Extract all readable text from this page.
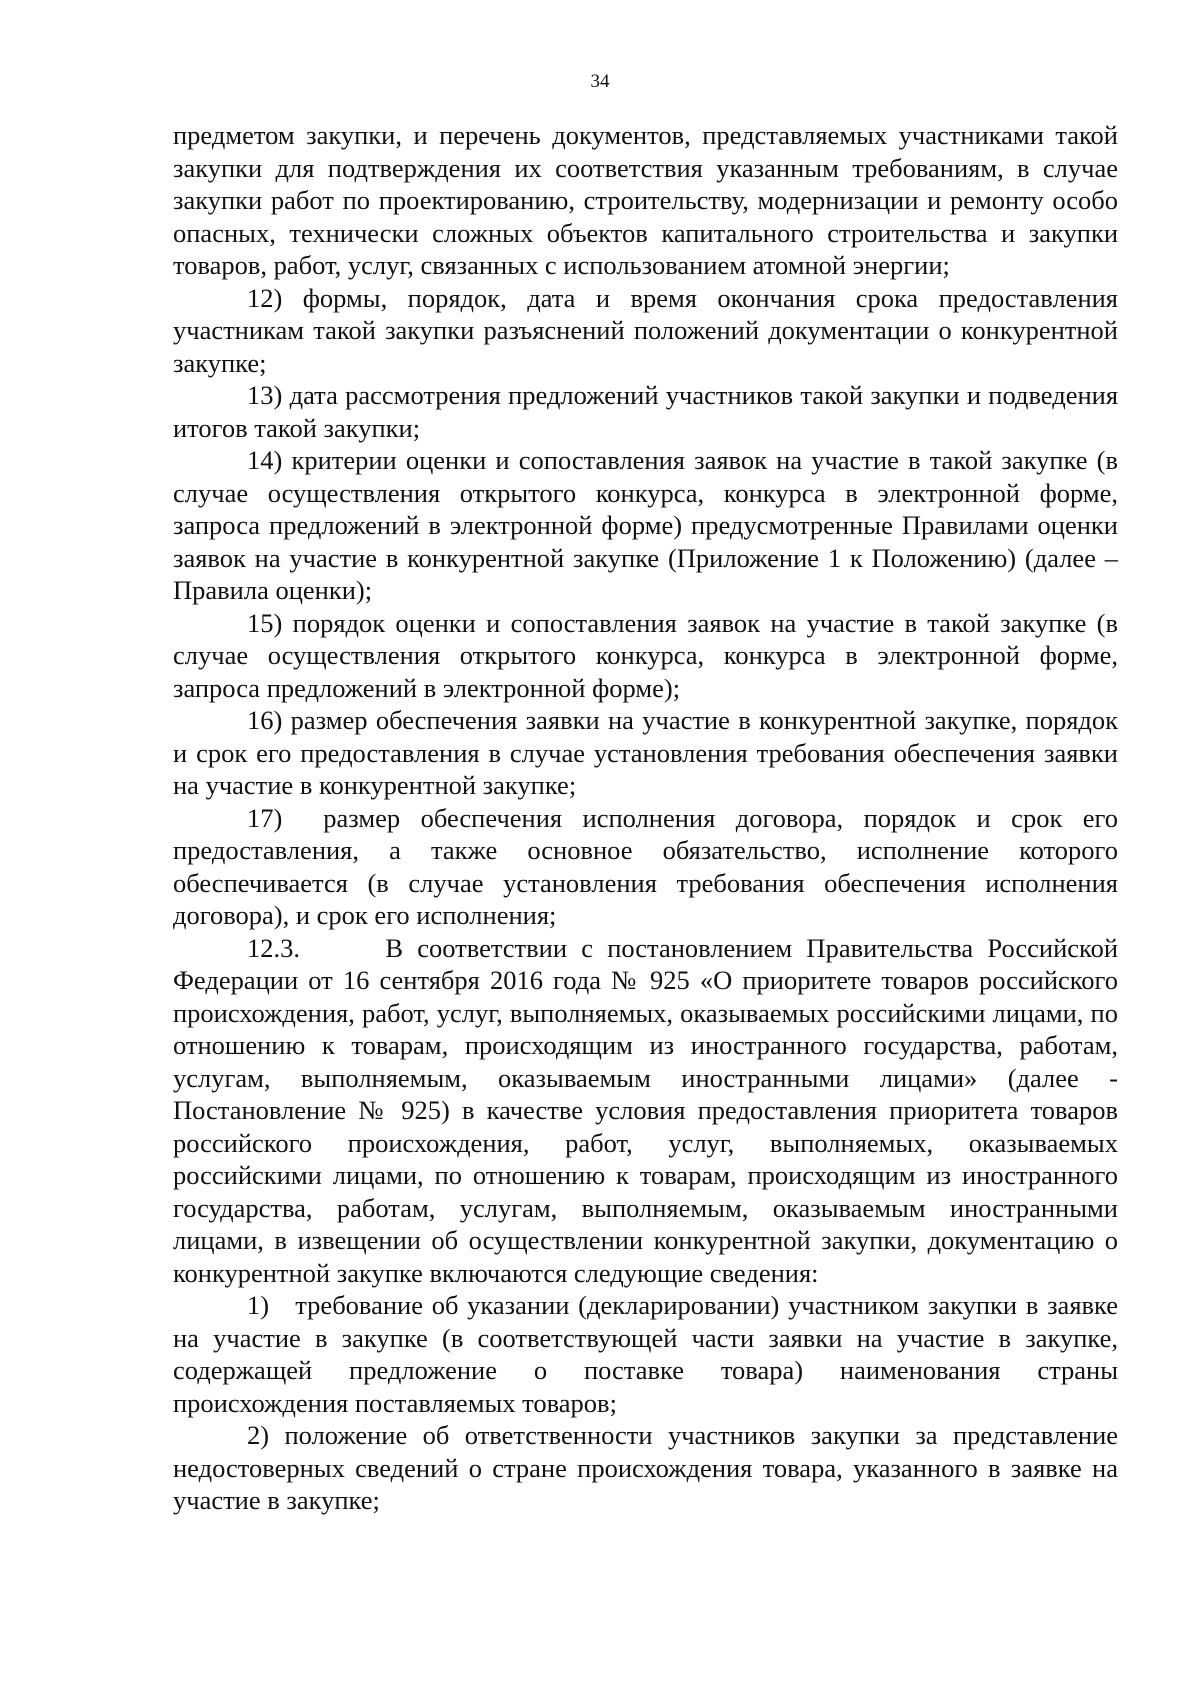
34

предметом закупки, и перечень документов, представляемых участниками такой закупки для подтверждения их соответствия указанным требованиям, в случае закупки работ по проектированию, строительству, модернизации и ремонту особо опасных, технически сложных объектов капитального строительства и закупки товаров, работ, услуг, связанных с использованием атомной энергии;

12) формы, порядок, дата и время окончания срока предоставления участникам такой закупки разъяснений положений документации о конкурентной закупке;

13) дата рассмотрения предложений участников такой закупки и подведения итогов такой закупки;

14) критерии оценки и сопоставления заявок на участие в такой закупке (в случае осуществления открытого конкурса, конкурса в электронной форме, запроса предложений в электронной форме) предусмотренные Правилами оценки заявок на участие в конкурентной закупке (Приложение 1 к Положению) (далее – Правила оценки);

15) порядок оценки и сопоставления заявок на участие в такой закупке (в случае осуществления открытого конкурса, конкурса в электронной форме, запроса предложений в электронной форме);

16) размер обеспечения заявки на участие в конкурентной закупке, порядок и срок его предоставления в случае установления требования обеспечения заявки на участие в конкурентной закупке;

17) размер обеспечения исполнения договора, порядок и срок его предоставления, а также основное обязательство, исполнение которого обеспечивается (в случае установления требования обеспечения исполнения договора), и срок его исполнения;

12.3.	В соответствии с постановлением Правительства Российской Федерации от 16 сентября 2016 года № 925 «О приоритете товаров российского происхождения, работ, услуг, выполняемых, оказываемых российскими лицами, по отношению к товарам, происходящим из иностранного государства, работам, услугам, выполняемым, оказываемым иностранными лицами» (далее - Постановление № 925) в качестве условия предоставления приоритета товаров российского происхождения, работ, услуг, выполняемых, оказываемых российскими лицами, по отношению к товарам, происходящим из иностранного государства, работам, услугам, выполняемым, оказываемым иностранными лицами, в извещении об осуществлении конкурентной закупки, документацию о конкурентной закупке включаются следующие сведения:

1) требование об указании (декларировании) участником закупки в заявке на участие в закупке (в соответствующей части заявки на участие в закупке, содержащей предложение о поставке товара) наименования страны происхождения поставляемых товаров;

2) положение об ответственности участников закупки за представление недостоверных сведений о стране происхождения товара, указанного в заявке на участие в закупке;
